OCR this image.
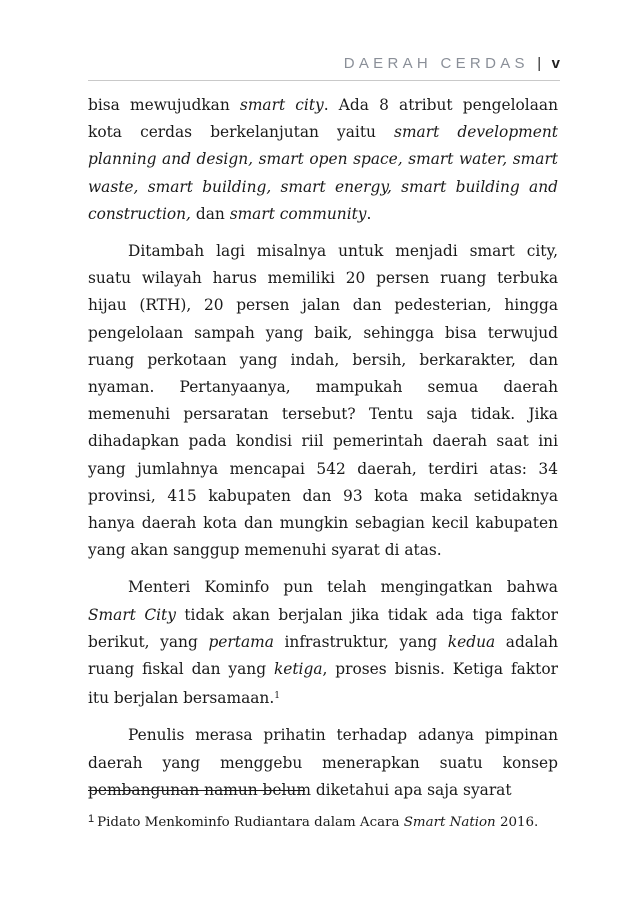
DAERAH CERDAS | v

bisa mewujudkan smart city. Ada 8 atribut pengelolaan kota cerdas berkelanjutan yaitu smart development planning and design, smart open space, smart water, smart waste, smart building, smart energy, smart building and construction, dan smart community.

Ditambah lagi misalnya untuk menjadi smart city, suatu wilayah harus memiliki 20 persen ruang terbuka hijau (RTH), 20 persen jalan dan pedesterian, hingga pengelolaan sampah yang baik, sehingga bisa terwujud ruang perkotaan yang indah, bersih, berkarakter, dan nyaman. Pertanyaanya, mampukah semua daerah memenuhi persaratan tersebut? Tentu saja tidak. Jika dihadapkan pada kondisi riil pemerintah daerah saat ini yang jumlahnya mencapai 542 daerah, terdiri atas: 34 provinsi, 415 kabupaten dan 93 kota maka setidaknya hanya daerah kota dan mungkin sebagian kecil kabupaten yang akan sanggup memenuhi syarat di atas.

Menteri Kominfo pun telah mengingatkan bahwa Smart City tidak akan berjalan jika tidak ada tiga faktor berikut, yang pertama infrastruktur, yang kedua adalah ruang fiskal dan yang ketiga, proses bisnis. Ketiga faktor itu berjalan bersamaan.$^1$

Penulis merasa prihatin terhadap adanya pimpinan daerah yang menggebu menerapkan suatu konsep pembangunan namun belum diketahui apa saja syarat

$^1$ Pidato Menkominfo Rudiantara dalam Acara Smart Nation 2016.
